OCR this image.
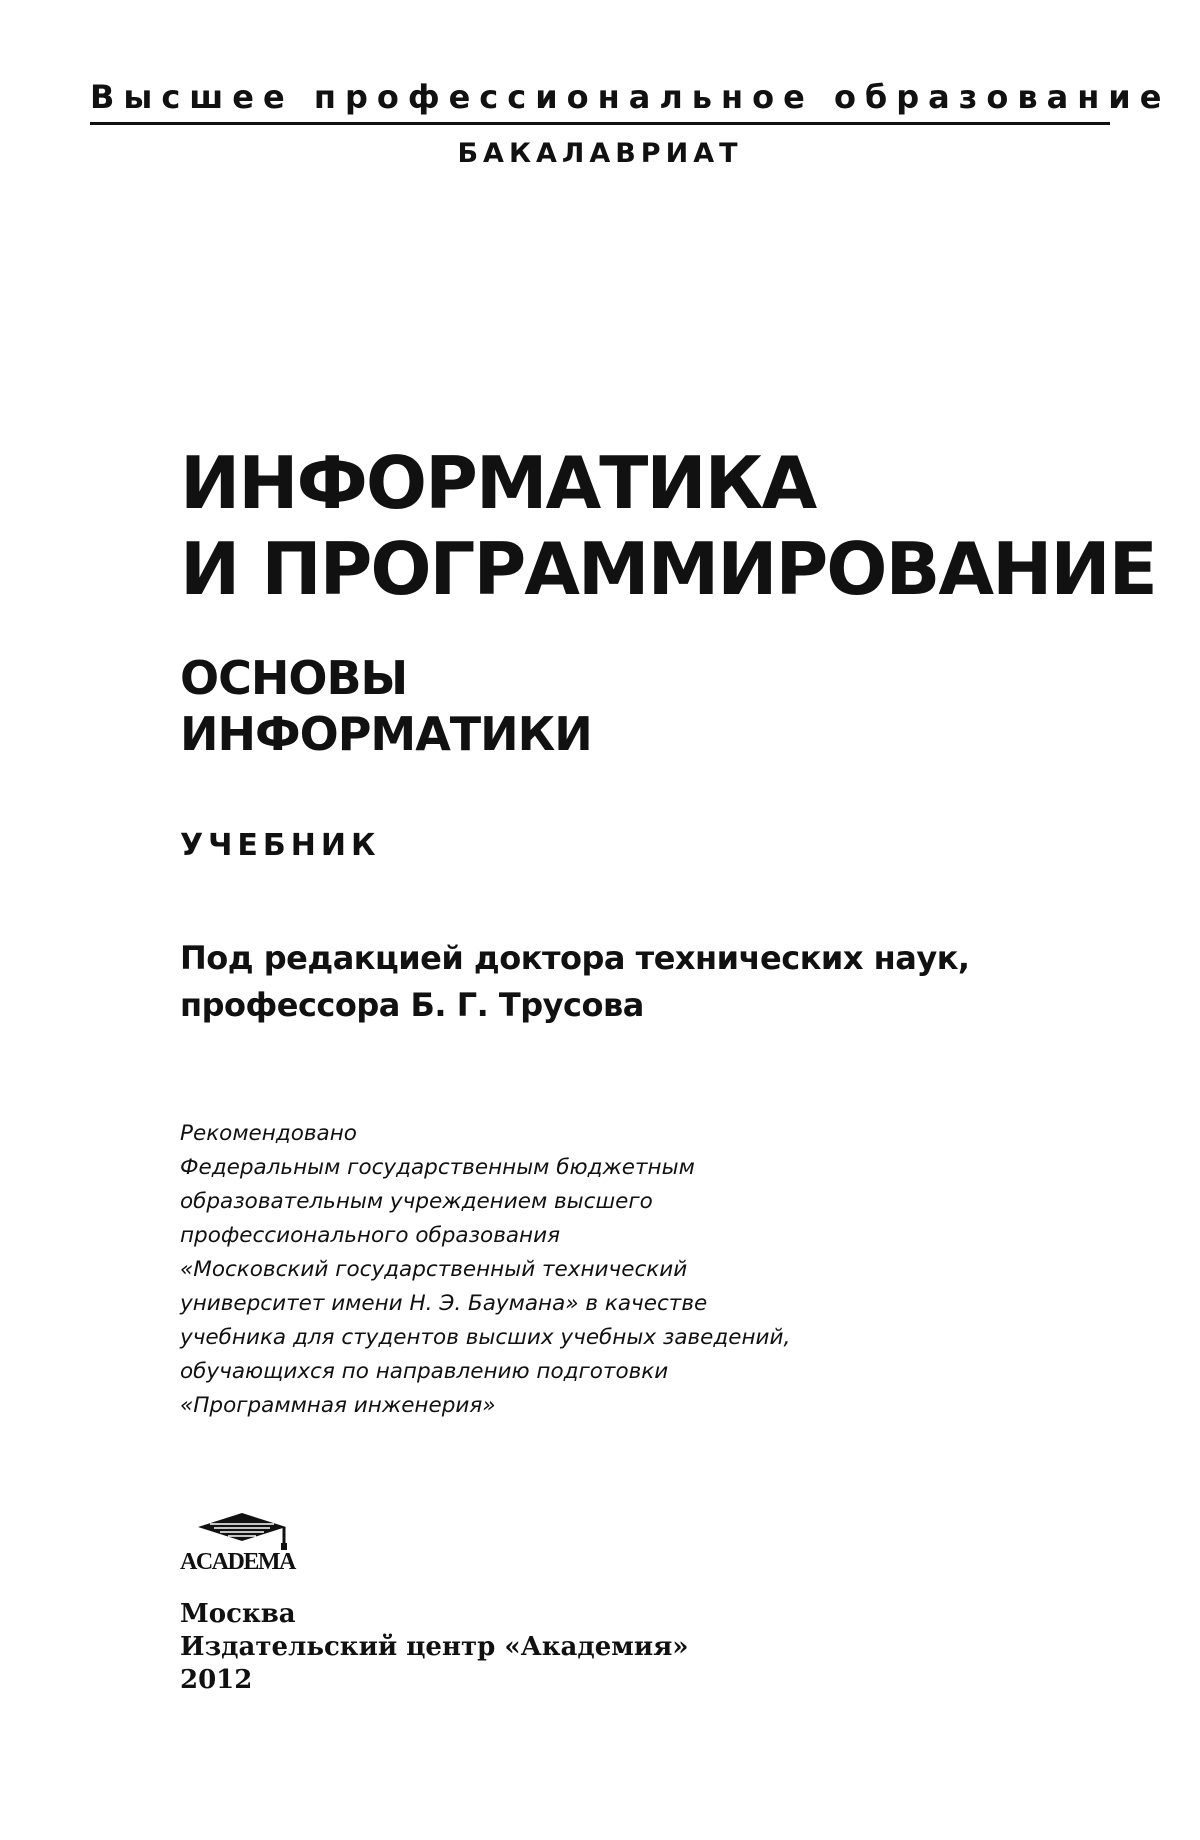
Высшее профессиональное образование
БАКАЛАВРИАТ
ИНФОРМАТИКА
И ПРОГРАММИРОВАНИЕ
ОСНОВЫ
ИНФОРМАТИКИ
УЧЕБНИК
Под редакцией доктора технических наук,
профессора Б. Г. Трусова
Рекомендовано
Федеральным государственным бюджетным
образовательным учреждением высшего
профессионального образования
«Московский государственный технический
университет имени Н. Э. Баумана» в качестве
учебника для студентов высших учебных заведений,
обучающихся по направлению подготовки
«Программная инженерия»
ACADEMA
Москва
Издательский центр «Академия»
2012
